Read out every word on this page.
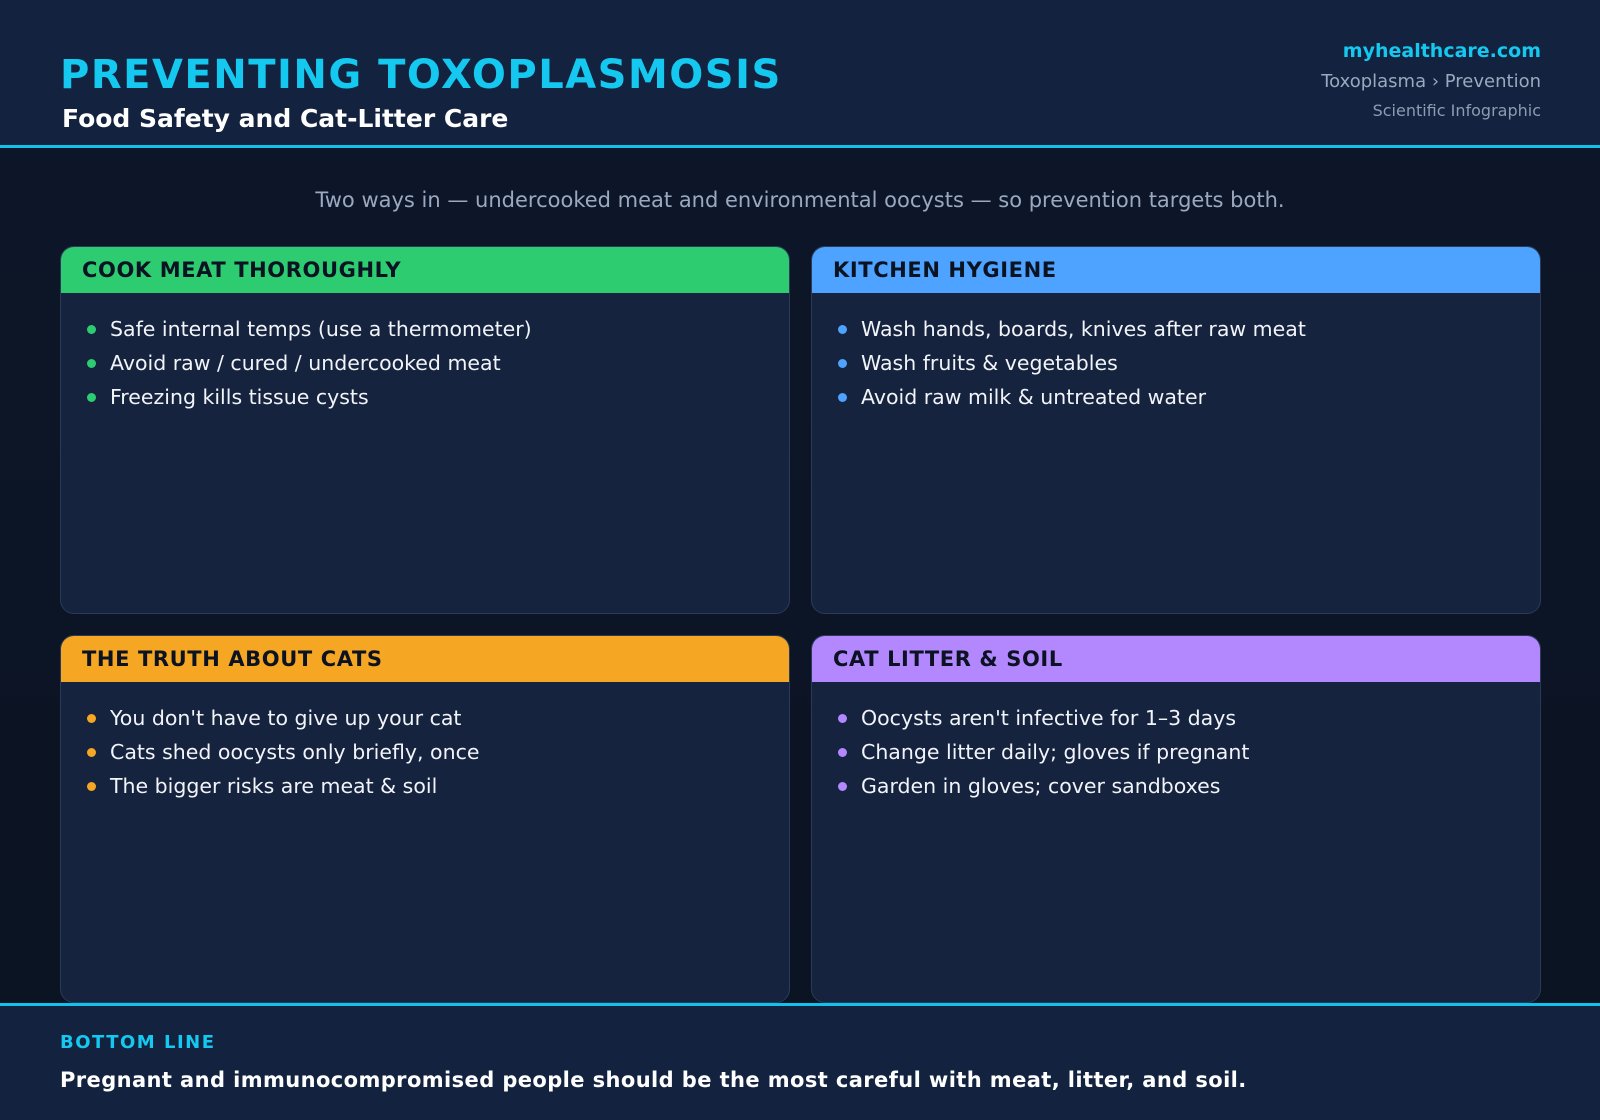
PREVENTING TOXOPLASMOSIS
Food Safety and Cat-Litter Care
myhealthcare.com
Toxoplasma › Prevention
Scientific Infographic
Two ways in — undercooked meat and environmental oocysts — so prevention targets both.
COOK MEAT THOROUGHLY
Safe internal temps (use a thermometer)
Avoid raw / cured / undercooked meat
Freezing kills tissue cysts
KITCHEN HYGIENE
Wash hands, boards, knives after raw meat
Wash fruits & vegetables
Avoid raw milk & untreated water
THE TRUTH ABOUT CATS
You don't have to give up your cat
Cats shed oocysts only briefly, once
The bigger risks are meat & soil
CAT LITTER & SOIL
Oocysts aren't infective for 1–3 days
Change litter daily; gloves if pregnant
Garden in gloves; cover sandboxes
BOTTOM LINE
Pregnant and immunocompromised people should be the most careful with meat, litter, and soil.
